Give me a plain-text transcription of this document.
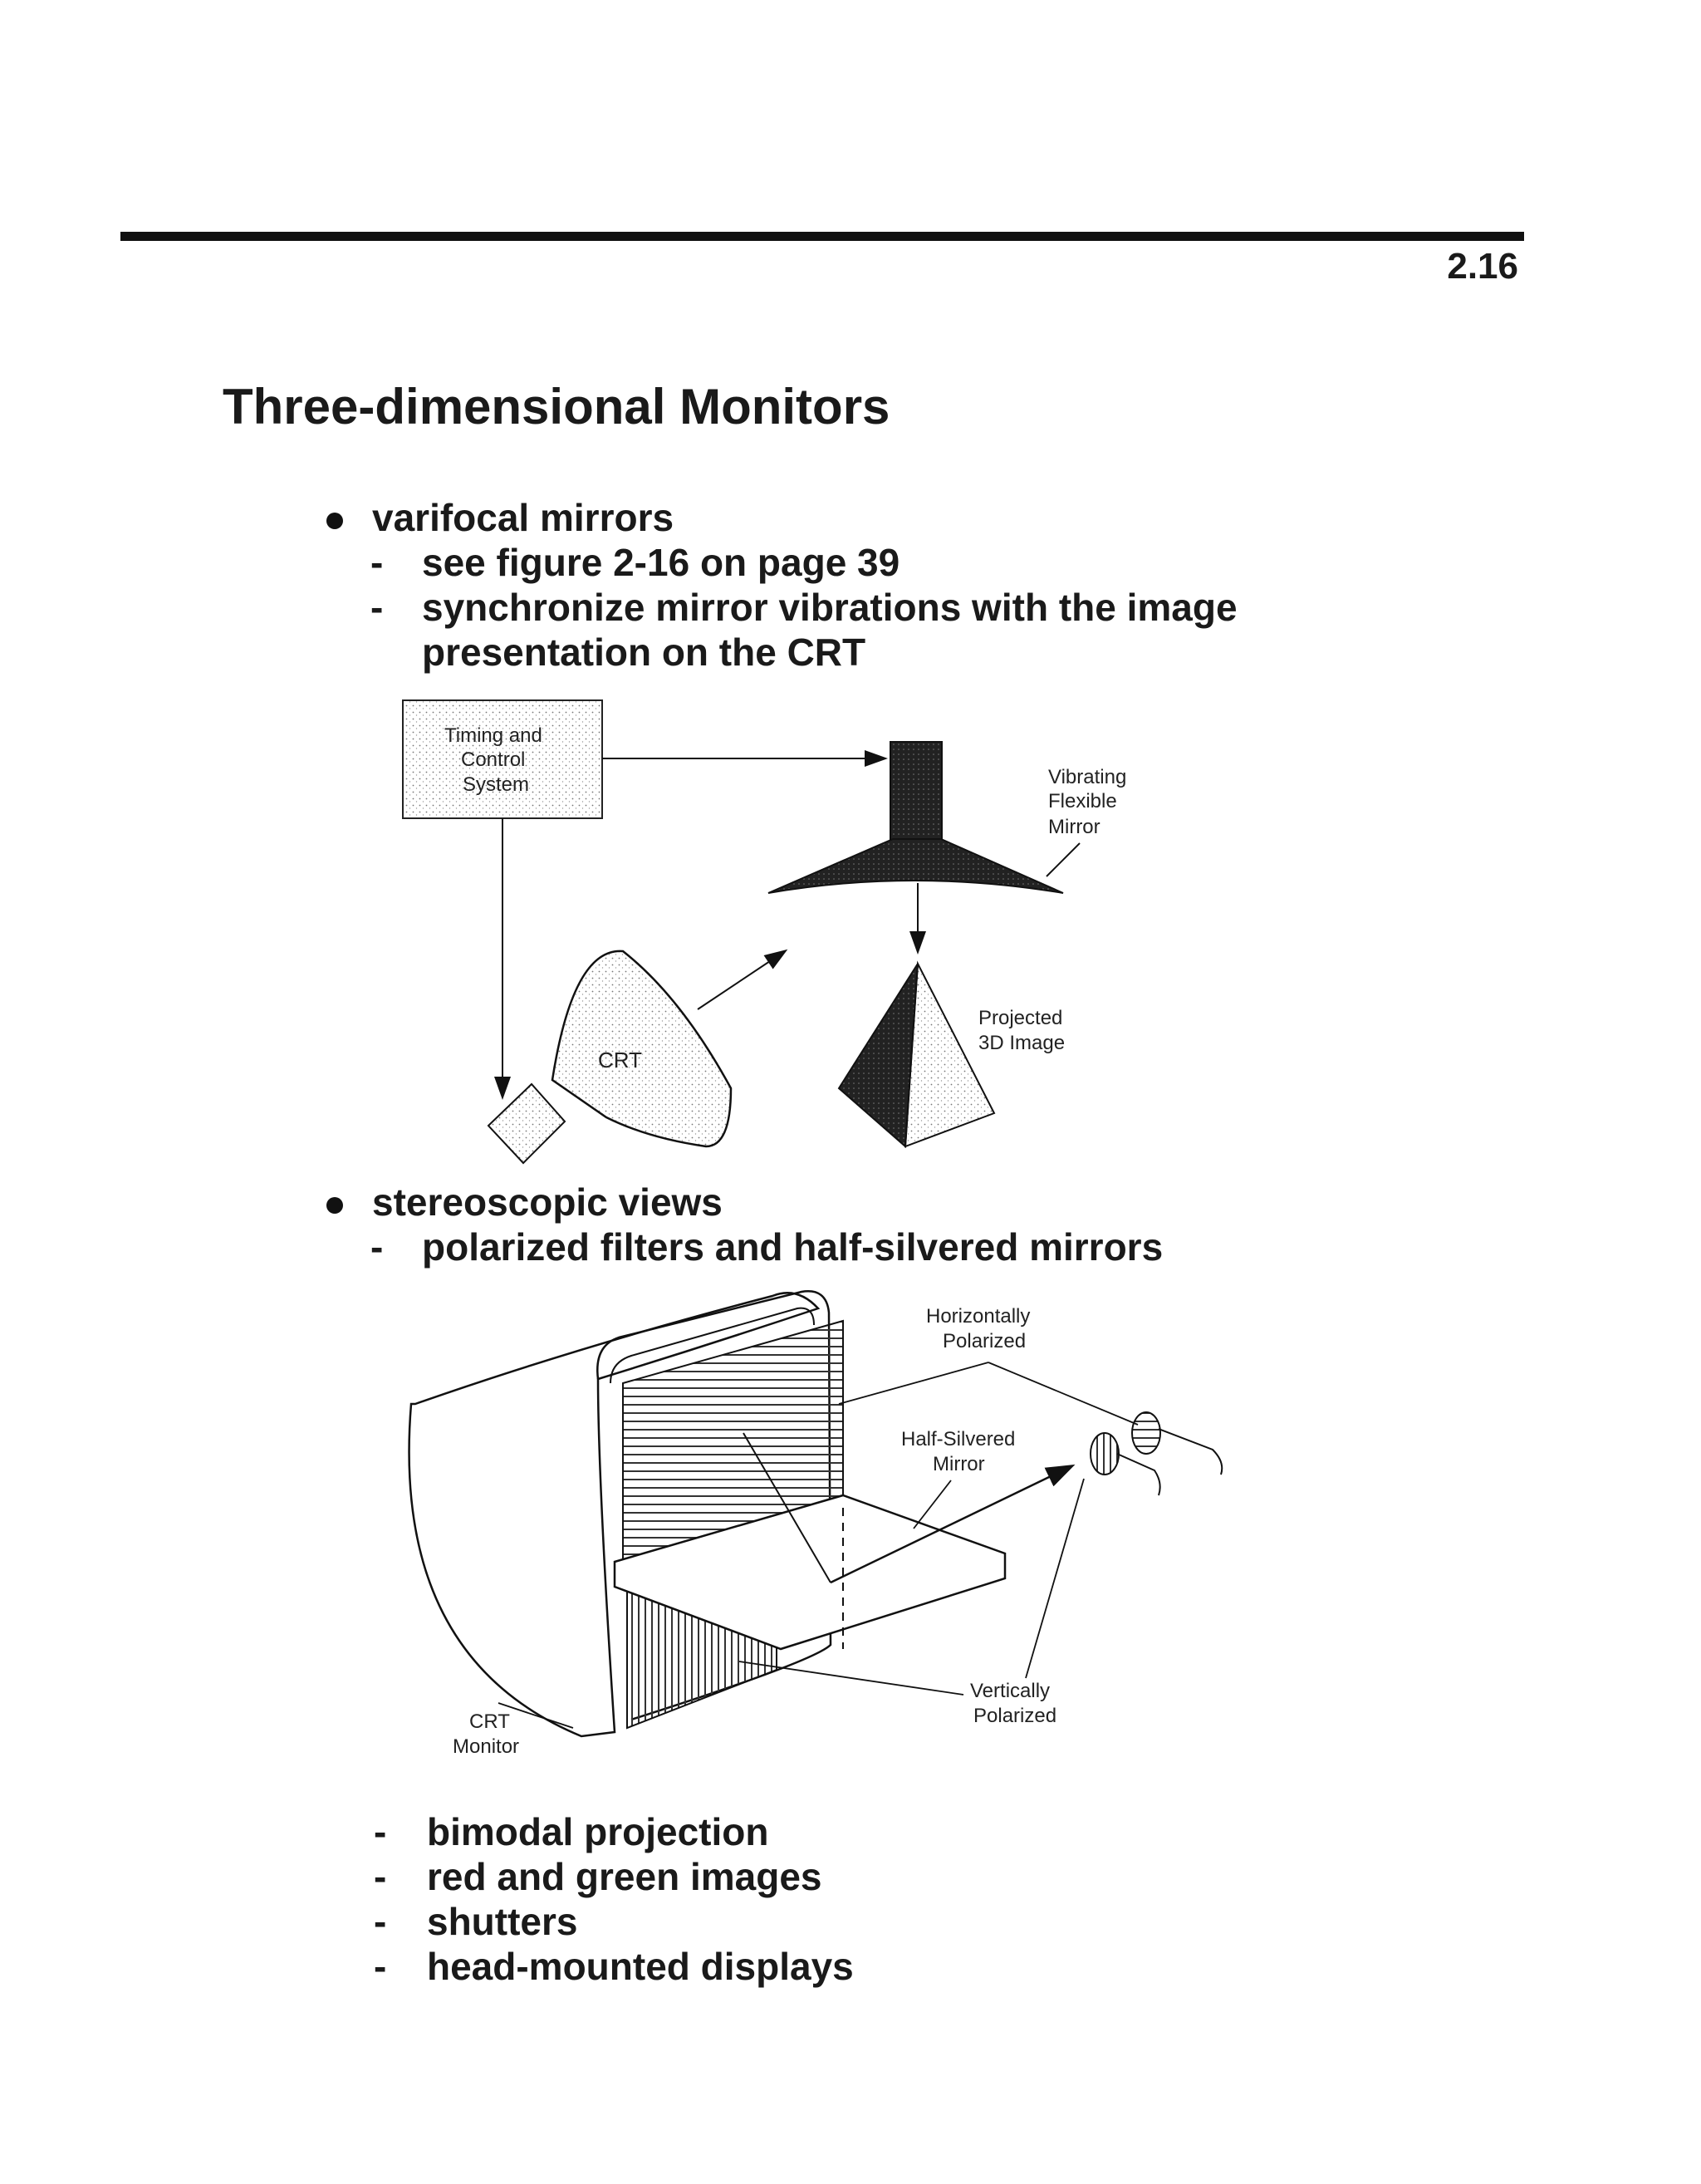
2.16
Three-dimensional Monitors
varifocal mirrors
- see figure 2-16 on page 39
- synchronize mirror vibrations with the image
presentation on the CRT
Timing and
Control
System	Vibrating
Flexible
Mirror
CRT
Projected
3D Image
Horizontally
Polarized
Half-Silvered
Mirror
Vertically
Polarized
CRT
Monitor
stereoscopic views
- polarized filters and half-silvered mirrors
- bimodal projection
- red and green images
- shutters
- head-mounted displays
